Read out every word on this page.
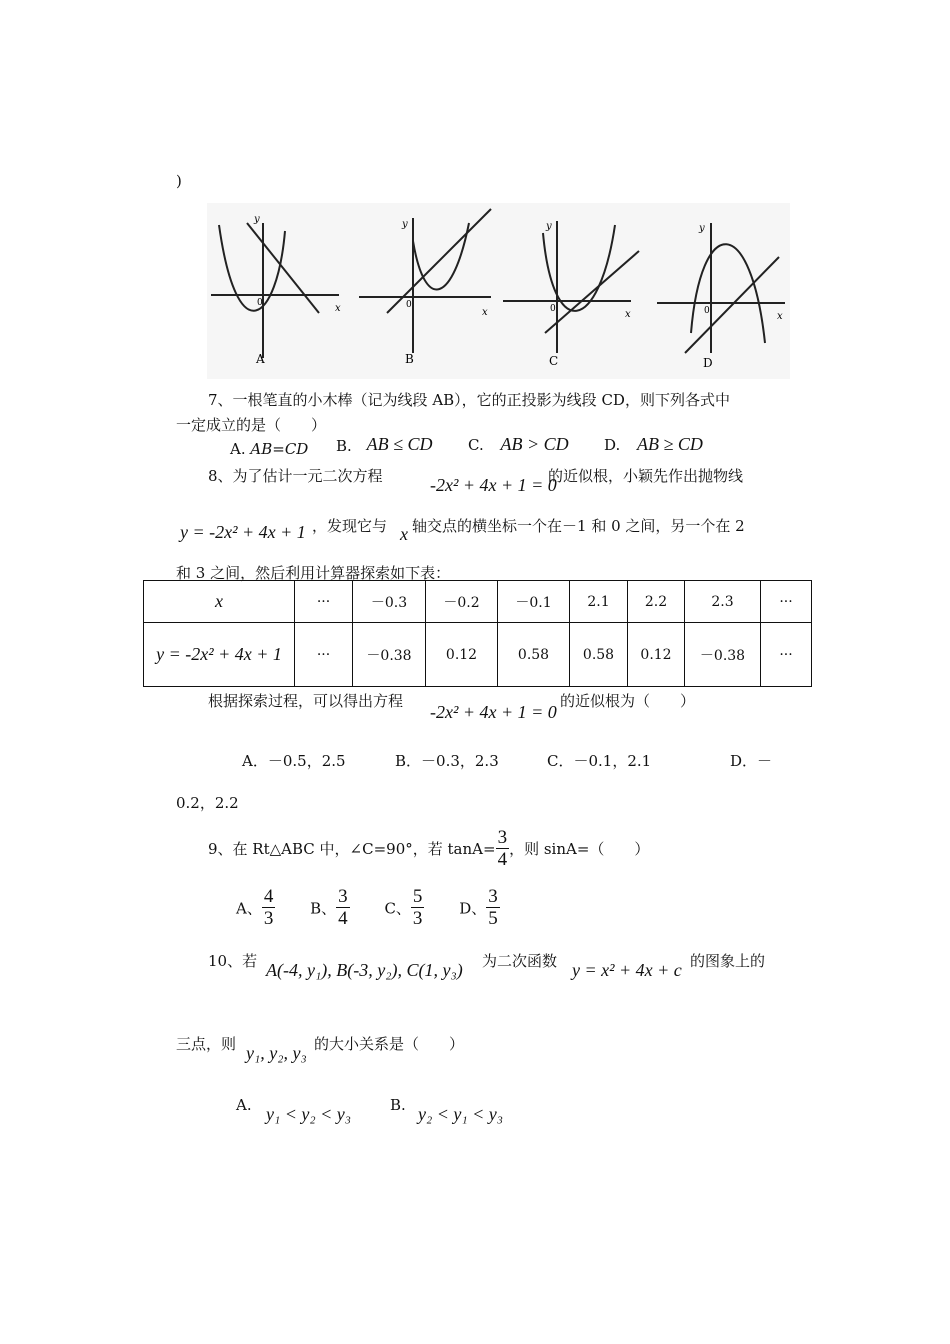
)
x
y
0
A
x
y
0
B
x
y
0
C
x
y
0
D
7、一根笔直的小木棒（记为线段 AB），它的正投影为线段 CD，则下列各式中
一定成立的是（　　）
A. AB=CD B. AB ≤ CD C. AB > CD D. AB ≥ CD
8、为了估计一元二次方程	-2x² + 4x + 1 = 0
的近似根，小颖先作出抛物线
y = -2x² + 4x + 1 ，发现它与 x 轴交点的横坐标一个在－1 和 0 之间，另一个在 2
和 3 之间，然后利用计算器探索如下表：
x	···	－0.3	－0.2	－0.1	2.1	2.2	2.3	···
y = -2x² + 4x + 1	···	－0.38	0.12	0.58	0.58	0.12	－0.38	···
根据探索过程，可以得出方程
-2x² + 4x + 1 = 0
的近似根为（　　）
A．－0.5，2.5	B．－0.3，2.3	C．－0.1，2.1	D．－
0.2，2.2
9、在 Rt△ABC 中，∠C=90°，若 $\tan A= \frac{3}{4}$ ，则 sinA=（　　）
A、 $\frac{4}{3}$ B、 $\frac{3}{4}$ C、 $\frac{5}{3}$ D、 $\frac{3}{5}$
10、若 A(-4, y₁), B(-3, y₂), C(1, y₃) 为二次函数 y = x² + 4x + c 的图象上的
三点，则 y₁, y₂, y₃ 的大小关系是（　　）
A. y₁ < y₂ < y₃	B. y₂ < y₁ < y₃
